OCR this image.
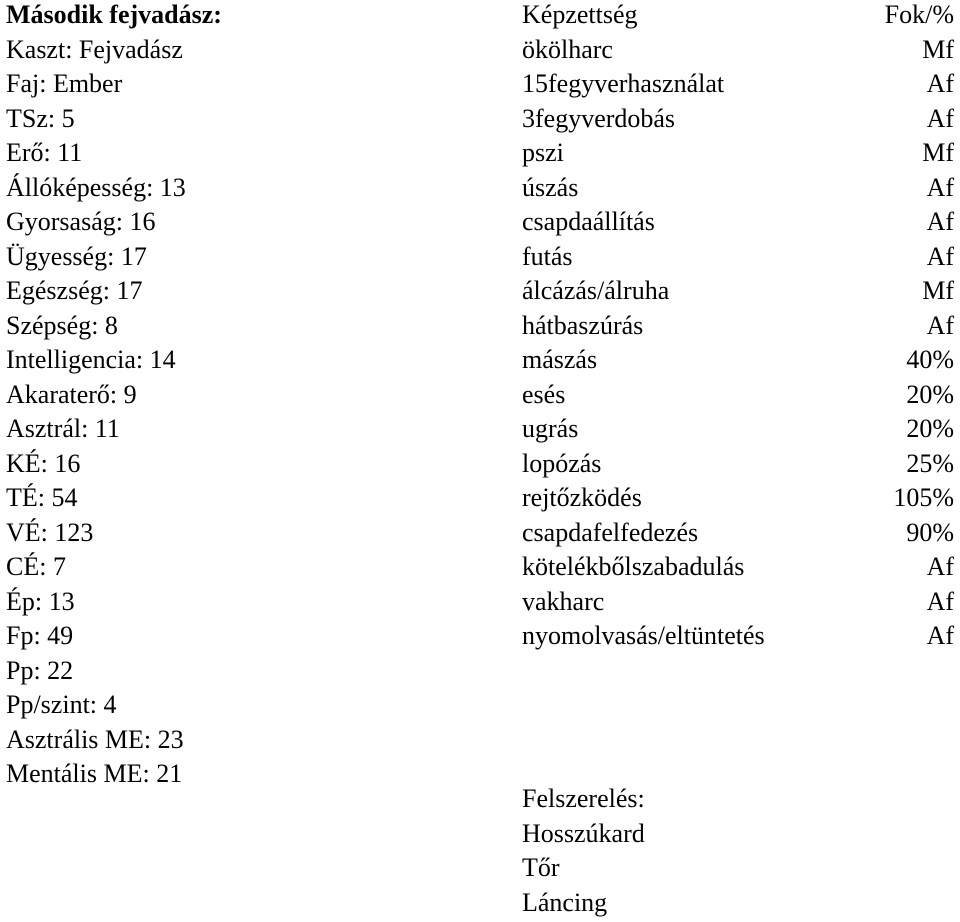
Második fejvadász:
Kaszt: Fejvadász
Faj: Ember
TSz: 5
Erő: 11
Állóképesség: 13
Gyorsaság: 16
Ügyesség: 17
Egészség: 17
Szépség: 8
Intelligencia: 14
Akaraterő: 9
Asztrál: 11
KÉ: 16
TÉ: 54
VÉ: 123
CÉ: 7
Ép: 13
Fp: 49
Pp: 22
Pp/szint: 4
Asztrális ME: 23
Mentális ME: 21
Képzettség	Fok/%
ökölharc	Mf
15fegyverhasználat	Af
3fegyverdobás	Af
pszi	Mf
úszás	Af
csapdaállítás	Af
futás	Af
álcázás/álruha	Mf
hátbaszúrás	Af
mászás	40%
esés	20%
ugrás	20%
lopózás	25%
rejtőzködés	105%
csapdafelfedezés	90%
kötelékbőlszabadulás	Af
vakharc	Af
nyomolvasás/eltüntetés	Af
Felszerelés:
Hosszúkard
Tőr
Láncing
